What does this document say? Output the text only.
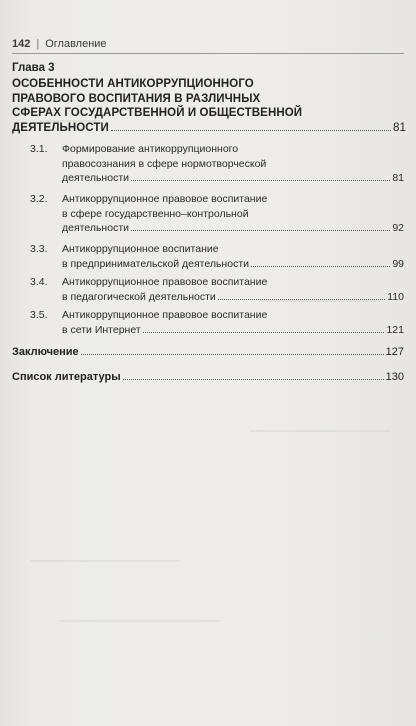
142 | Оглавление
Глава 3
ОСОБЕННОСТИ АНТИКОРРУПЦИОННОГО
ПРАВОВОГО ВОСПИТАНИЯ В РАЗЛИЧНЫХ
СФЕРАХ ГОСУДАРСТВЕННОЙ И ОБЩЕСТВЕННОЙ
ДЕЯТЕЛЬНОСТИ	81
3.1. Формирование антикоррупционного
правосознания в сфере нормотворческой
деятельности	81
3.2. Антикоррупционное правовое воспитание
в сфере государственно–контрольной
деятельности	92
3.3. Антикоррупционное воспитание
в предпринимательской деятельности	99
3.4. Антикоррупционное правовое воспитание
в педагогической деятельности	110
3.5. Антикоррупционное правовое воспитание
в сети Интернет	121
Заключение	127
Список литературы	130
